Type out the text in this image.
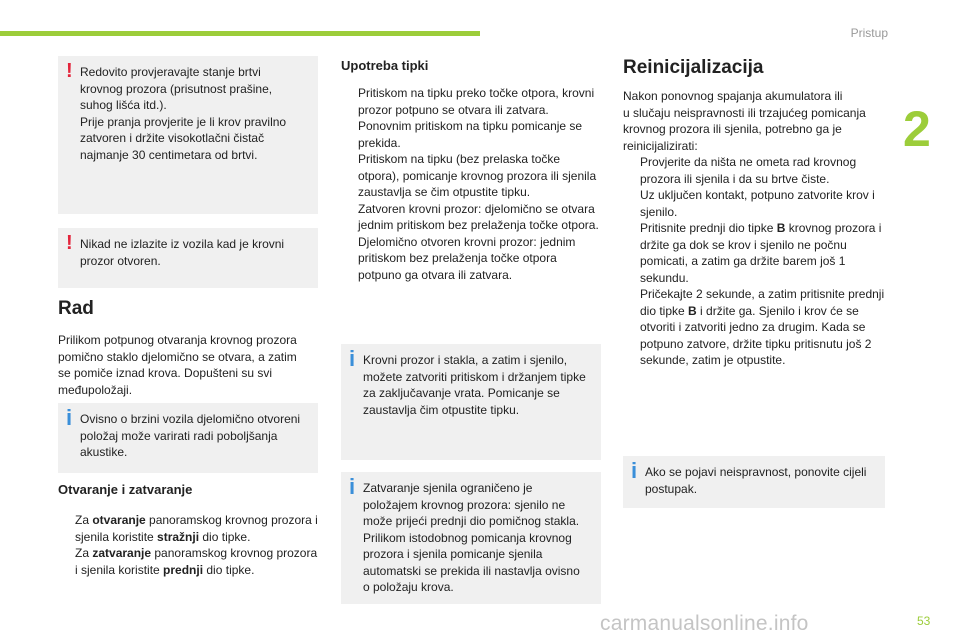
Pristup
2
! Redovito provjeravajte stanje brtvi
krovnog prozora (prisutnost prašine,
suhog lišća itd.).
Prije pranja provjerite je li krov pravilno
zatvoren i držite visokotlačni čistač
najmanje 30 centimetara od brtvi.
! Nikad ne izlazite iz vozila kad je krovni
prozor otvoren.
Rad
Prilikom potpunog otvaranja krovnog prozora
pomično staklo djelomično se otvara, a zatim
se pomiče iznad krova. Dopušteni su svi
međupoložaji.
i Ovisno o brzini vozila djelomično otvoreni
položaj može varirati radi poboljšanja
akustike.
Otvaranje i zatvaranje
Za otvaranje panoramskog krovnog prozora i sjenila koristite stražnji dio tipke.
Za zatvaranje panoramskog krovnog prozora i sjenila koristite prednji dio tipke.
Upotreba tipki
Pritiskom na tipku preko točke otpora, krovni prozor potpuno se otvara ili zatvara.
Ponovnim pritiskom na tipku pomicanje se prekida.
Pritiskom na tipku (bez prelaska točke otpora), pomicanje krovnog prozora ili sjenila zaustavlja se čim otpustite tipku.
Zatvoren krovni prozor: djelomično se otvara jednim pritiskom bez prelaženja točke otpora.
Djelomično otvoren krovni prozor: jednim pritiskom bez prelaženja točke otpora potpuno ga otvara ili zatvara.
i Krovni prozor i stakla, a zatim i sjenilo,
možete zatvoriti pritiskom i držanjem tipke
za zaključavanje vrata. Pomicanje se
zaustavlja čim otpustite tipku.
i Zatvaranje sjenila ograničeno je
položajem krovnog prozora: sjenilo ne
može prijeći prednji dio pomičnog stakla.
Prilikom istodobnog pomicanja krovnog
prozora i sjenila pomicanje sjenila
automatski se prekida ili nastavlja ovisno
o položaju krova.
Reinicijalizacija
Nakon ponovnog spajanja akumulatora ili
u slučaju neispravnosti ili trzajućeg pomicanja
krovnog prozora ili sjenila, potrebno ga je
reinicijalizirati:
Provjerite da ništa ne ometa rad krovnog prozora ili sjenila i da su brtve čiste.
Uz uključen kontakt, potpuno zatvorite krov i sjenilo.
Pritisnite prednji dio tipke B krovnog prozora i držite ga dok se krov i sjenilo ne počnu pomicati, a zatim ga držite barem još 1 sekundu.
Pričekajte 2 sekunde, a zatim pritisnite prednji dio tipke B i držite ga. Sjenilo i krov će se otvoriti i zatvoriti jedno za drugim. Kada se potpuno zatvore, držite tipku pritisnutu još 2 sekunde, zatim je otpustite.
i Ako se pojavi neispravnost, ponovite cijeli
postupak.
carmanualsonline.info	53
